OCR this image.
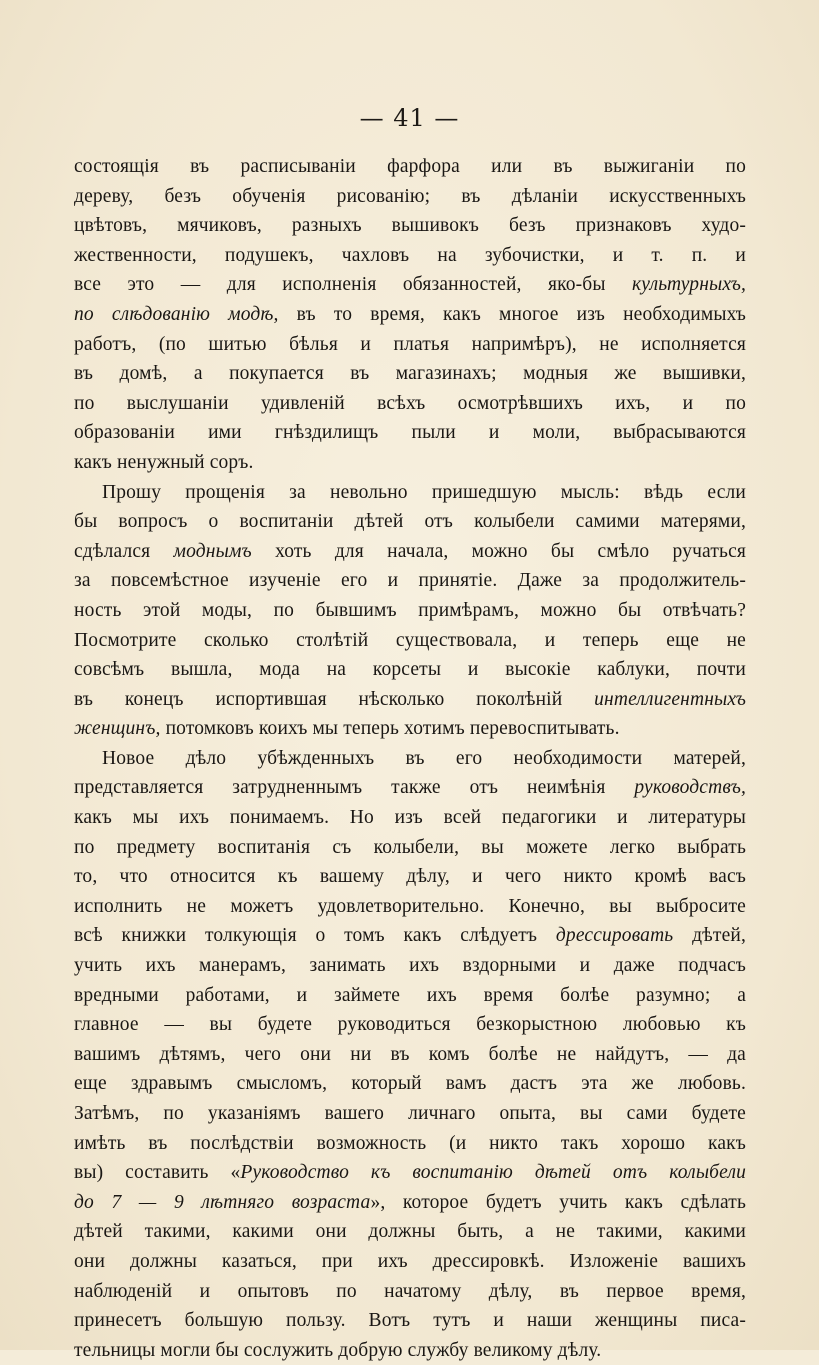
— 41 —
состоящія въ расписываніи фарфора или въ выжиганіи по
дереву, безъ обученія рисованію; въ дѣланіи искусственныхъ
цвѣтовъ, мячиковъ, разныхъ вышивокъ безъ признаковъ худо-
жественности, подушекъ, чахловъ на зубочистки, и т. п. и
все это — для исполненія обязанностей, яко-бы культурныхъ,
по слѣдованію модѣ, въ то время, какъ многое изъ необходимыхъ
работъ, (по шитью бѣлья и платья напримѣръ), не исполняется
въ домѣ, а покупается въ магазинахъ; модныя же вышивки,
по выслушаніи удивленій всѣхъ осмотрѣвшихъ ихъ, и по
образованіи ими гнѣздилищъ пыли и моли, выбрасываются
какъ ненужный соръ.
Прошу прощенія за невольно пришедшую мысль: вѣдь если
бы вопросъ о воспитаніи дѣтей отъ колыбели самими матерями,
сдѣлался моднымъ хоть для начала, можно бы смѣло ручаться
за повсемѣстное изученіе его и принятіе. Даже за продолжитель-
ность этой моды, по бывшимъ примѣрамъ, можно бы отвѣчать?
Посмотрите сколько столѣтій существовала, и теперь еще не
совсѣмъ вышла, мода на корсеты и высокіе каблуки, почти
въ конецъ испортившая нѣсколько поколѣній интеллигентныхъ
женщинъ, потомковъ коихъ мы теперь хотимъ перевоспитывать.
Новое дѣло убѣжденныхъ въ его необходимости матерей,
представляется затрудненнымъ также отъ неимѣнія руководствъ,
какъ мы ихъ понимаемъ. Но изъ всей педагогики и литературы
по предмету воспитанія съ колыбели, вы можете легко выбрать
то, что относится къ вашему дѣлу, и чего никто кромѣ васъ
исполнить не можетъ удовлетворительно. Конечно, вы выбросите
всѣ книжки толкующія о томъ какъ слѣдуетъ дрессировать дѣтей,
учить ихъ манерамъ, занимать ихъ вздорными и даже подчасъ
вредными работами, и займете ихъ время болѣе разумно; а
главное — вы будете руководиться безкорыстною любовью къ
вашимъ дѣтямъ, чего они ни въ комъ болѣе не найдутъ, — да
еще здравымъ смысломъ, который вамъ дастъ эта же любовь.
Затѣмъ, по указаніямъ вашего личнаго опыта, вы сами будете
имѣть въ послѣдствіи возможность (и никто такъ хорошо какъ
вы) составить «Руководство къ воспитанію дѣтей отъ колыбели
до 7 — 9 лѣтняго возраста», которое будетъ учить какъ сдѣлать
дѣтей такими, какими они должны быть, а не такими, какими
они должны казаться, при ихъ дрессировкѣ. Изложеніе вашихъ
наблюденій и опытовъ по начатому дѣлу, въ первое время,
принесетъ большую пользу. Вотъ тутъ и наши женщины писа-
тельницы могли бы сослужить добрую службу великому дѣлу.
